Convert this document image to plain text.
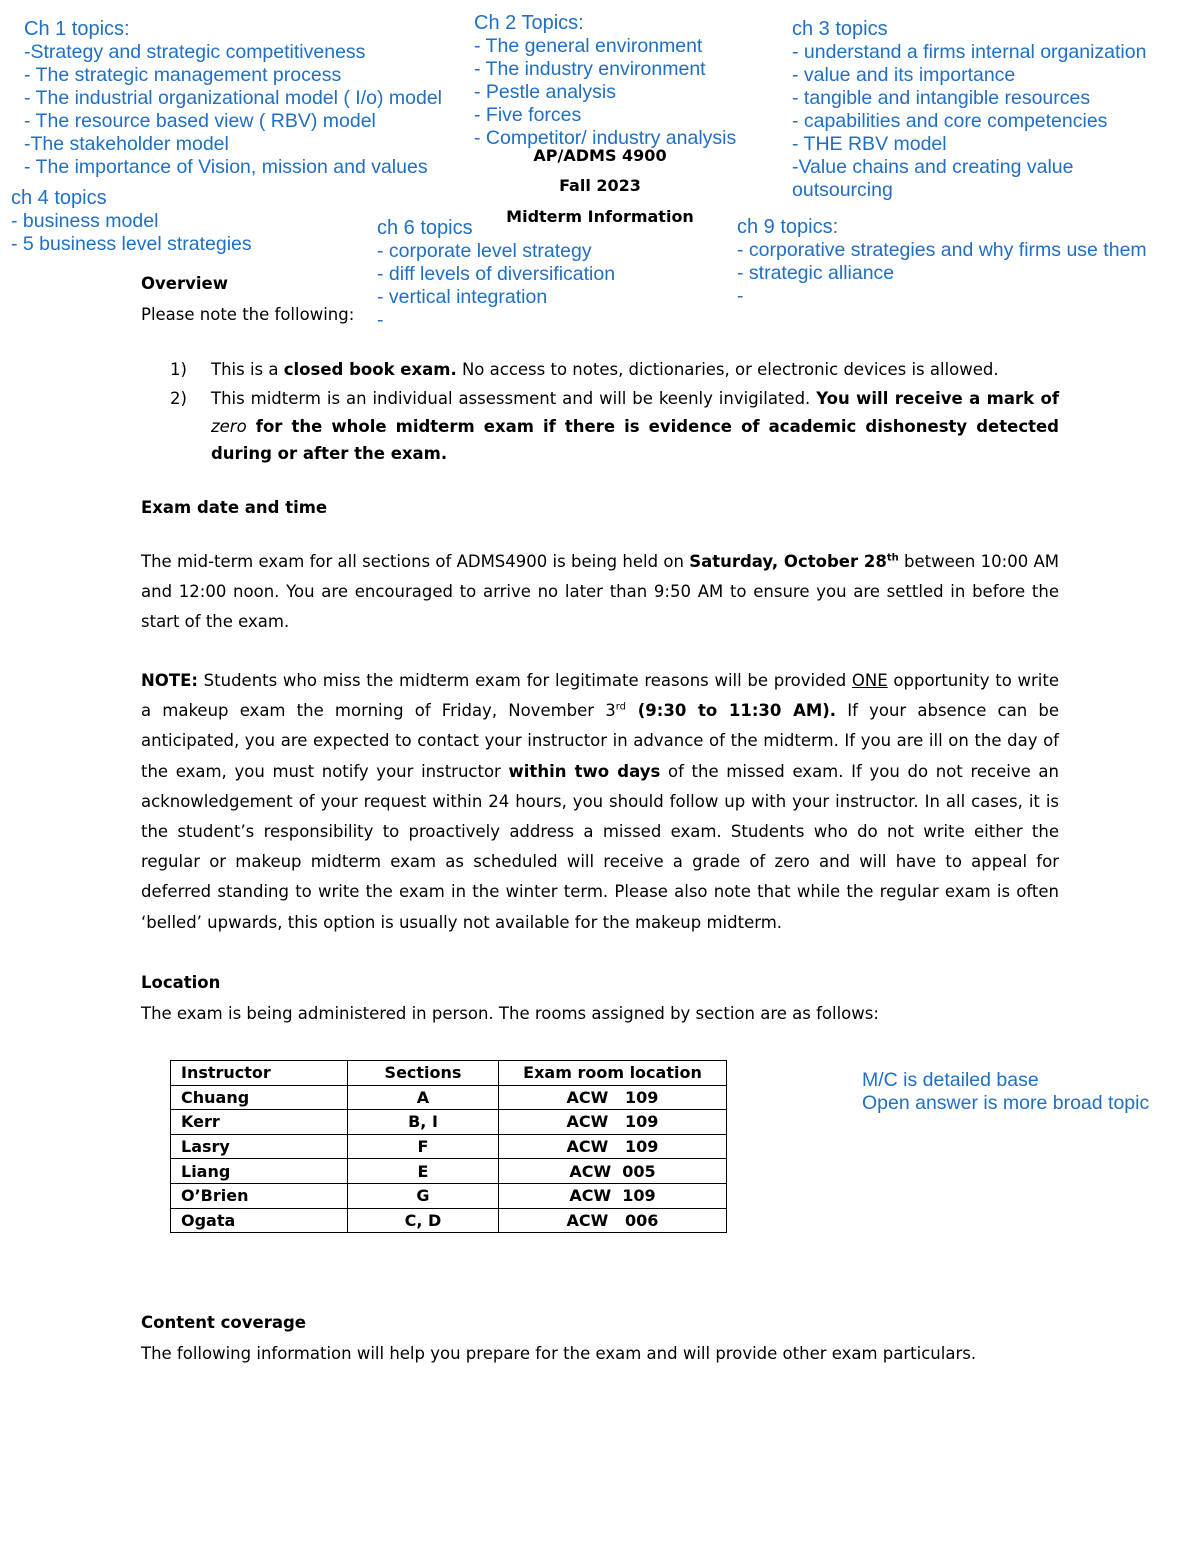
Ch 1 topics:
-Strategy and strategic competitiveness
- The strategic management process
- The industrial organizational model ( I/o) model
- The resource based view ( RBV) model
-The stakeholder model
- The importance of Vision, mission and values
Ch 2 Topics:
- The general environment
- The industry environment
- Pestle analysis
- Five forces
- Competitor/ industry analysis
ch 3 topics
- understand a firms internal organization
- value and its importance
- tangible and intangible resources
- capabilities and core competencies
- THE RBV model
-Value chains and creating value
outsourcing
ch 4 topics
- business model
- 5 business level strategies
ch 6 topics
- corporate level strategy
- diff levels of diversification
- vertical integration
-
ch 9 topics:
- corporative strategies and why firms use them
- strategic alliance
-
M/C is detailed base
Open answer is more broad topic
AP/ADMS 4900
Fall 2023
Midterm Information
Overview
Please note the following:
1) This is a closed book exam. No access to notes, dictionaries, or electronic devices is allowed.
2) This midterm is an individual assessment and will be keenly invigilated. You will receive a mark of zero for the whole midterm exam if there is evidence of academic dishonesty detected during or after the exam.
Exam date and time
The mid-term exam for all sections of ADMS4900 is being held on Saturday, October 28th between 10:00 AM and 12:00 noon. You are encouraged to arrive no later than 9:50 AM to ensure you are settled in before the start of the exam.
NOTE: Students who miss the midterm exam for legitimate reasons will be provided ONE opportunity to write a makeup exam the morning of Friday, November 3rd (9:30 to 11:30 AM). If your absence can be anticipated, you are expected to contact your instructor in advance of the midterm. If you are ill on the day of the exam, you must notify your instructor within two days of the missed exam. If you do not receive an acknowledgement of your request within 24 hours, you should follow up with your instructor. In all cases, it is the student’s responsibility to proactively address a missed exam. Students who do not write either the regular or makeup midterm exam as scheduled will receive a grade of zero and will have to appeal for deferred standing to write the exam in the winter term. Please also note that while the regular exam is often ‘belled’ upwards, this option is usually not available for the makeup midterm.
Location
The exam is being administered in person. The rooms assigned by section are as follows:
Instructor	Sections	Exam room location
Chuang	A	ACW   109
Kerr	B, I	ACW   109
Lasry	F	ACW   109
Liang	E	ACW  005
O’Brien	G	ACW  109
Ogata	C, D	ACW   006
Content coverage
The following information will help you prepare for the exam and will provide other exam particulars.
